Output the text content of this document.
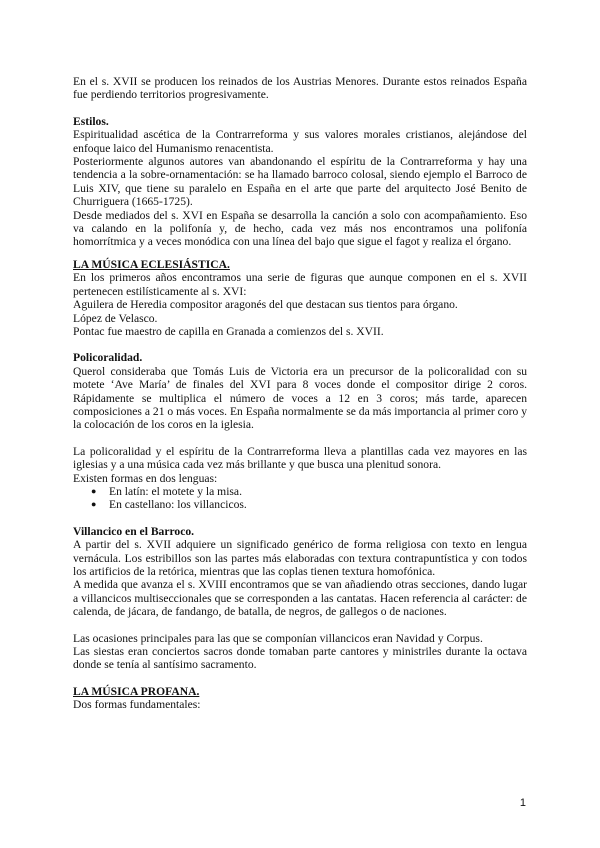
En el s. XVII se producen los reinados de los Austrias Menores. Durante estos reinados España fue perdiendo territorios progresivamente.

Estilos.

Espiritualidad ascética de la Contrarreforma y sus valores morales cristianos, alejándose del enfoque laico del Humanismo renacentista.

Posteriormente algunos autores van abandonando el espíritu de la Contrarreforma y hay una tendencia a la sobre-ornamentación: se ha llamado barroco colosal, siendo ejemplo el Barroco de Luis XIV, que tiene su paralelo en España en el arte que parte del arquitecto José Benito de Churriguera (1665-1725).

Desde mediados del s. XVI en España se desarrolla la canción a solo con acompañamiento. Eso va calando en la polifonía y, de hecho, cada vez más nos encontramos una polifonía homorrítmica y a veces monódica con una línea del bajo que sigue el fagot y realiza el órgano.

LA MÚSICA ECLESIÁSTICA.

En los primeros años encontramos una serie de figuras que aunque componen en el s. XVII pertenecen estilísticamente al s. XVI:

Aguilera de Heredia compositor aragonés del que destacan sus tientos para órgano.

López de Velasco.

Pontac fue maestro de capilla en Granada a comienzos del s. XVII.

Policoralidad.

Querol consideraba que Tomás Luis de Victoria era un precursor de la policoralidad con su motete ‘Ave María’ de finales del XVI para 8 voces donde el compositor dirige 2 coros. Rápidamente se multiplica el número de voces a 12 en 3 coros; más tarde, aparecen composiciones a 21 o más voces. En España normalmente se da más importancia al primer coro y la colocación de los coros en la iglesia.

La policoralidad y el espíritu de la Contrarreforma lleva a plantillas cada vez mayores en las iglesias y a una música cada vez más brillante y que busca una plenitud sonora.

Existen formas en dos lenguas:

● En latín: el motete y la misa.
● En castellano: los villancicos.
Villancico en el Barroco.

A partir del s. XVII adquiere un significado genérico de forma religiosa con texto en lengua vernácula. Los estribillos son las partes más elaboradas con textura contrapuntística y con todos los artificios de la retórica, mientras que las coplas tienen textura homofónica.

A medida que avanza el s. XVIII encontramos que se van añadiendo otras secciones, dando lugar a villancicos multiseccionales que se corresponden a las cantatas. Hacen referencia al carácter: de calenda, de jácara, de fandango, de batalla, de negros, de gallegos o de naciones.

Las ocasiones principales para las que se componían villancicos eran Navidad y Corpus.

Las siestas eran conciertos sacros donde tomaban parte cantores y ministriles durante la octava donde se tenía al santísimo sacramento.

LA MÚSICA PROFANA.

Dos formas fundamentales:

1
